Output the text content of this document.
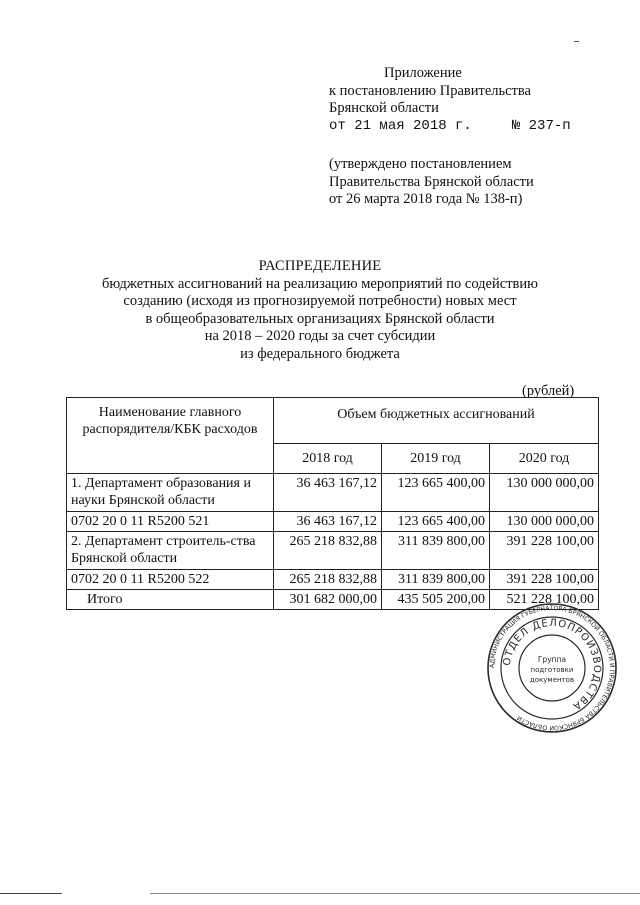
Приложение
к постановлению Правительства
Брянской области
от
21 мая 2018 г.	№ 237-п
(утверждено постановлением
Правительства Брянской области
от 26 марта 2018 года № 138-п)
РАСПРЕДЕЛЕНИЕ
бюджетных ассигнований на реализацию мероприятий по содействию
созданию (исходя из прогнозируемой потребности) новых мест
в общеобразовательных организациях Брянской области
на 2018 – 2020 годы за счет субсидии
из федерального бюджета
(рублей)
Наименование главного распорядителя/КБК расходов	Объем бюджетных ассигнований		
	2018 год	2019 год	2020 год
1. Департамент образования и науки Брянской области	36 463 167,12	123 665 400,00	130 000 000,00
0702 20 0 11 R5200 521	36 463 167,12	123 665 400,00	130 000 000,00
2. Департамент строитель-ства Брянской области	265 218 832,88	311 839 800,00	391 228 100,00
0702 20 0 11 R5200 522	265 218 832,88	311 839 800,00	391 228 100,00
Итого	301 682 000,00	435 505 200,00	521 228 100,00
АДМИНИСТРАЦИЯ ГУБЕРНАТОРА БРЯНСКОЙ ОБЛАСТИ И ПРАВИТЕЛЬСТВА БРЯНСКОЙ ОБЛАСТИ
ОТДЕЛ ДЕЛОПРОИЗВОДСТВА
Группа
подготовки
документов
